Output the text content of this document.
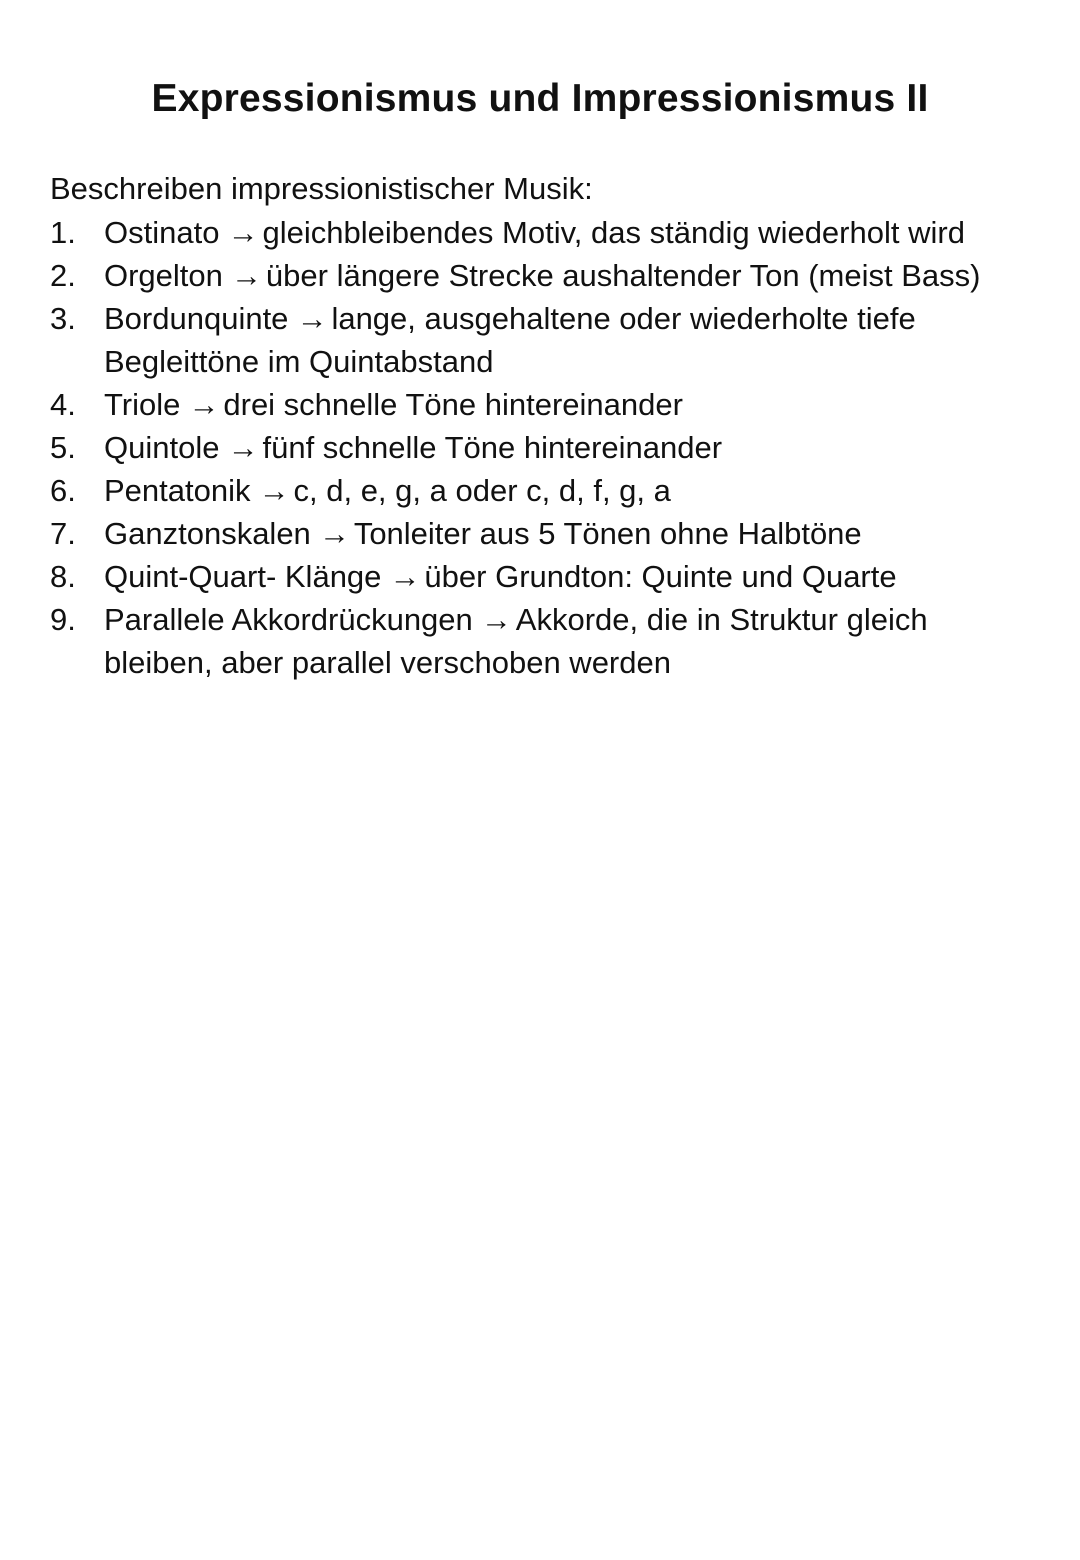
Expressionismus und Impressionismus II
Beschreiben impressionistischer Musik:
1. Ostinato → gleichbleibendes Motiv, das ständig wiederholt wird
2. Orgelton → über längere Strecke aushaltender Ton (meist Bass)
3. Bordunquinte → lange, ausgehaltene oder wiederholte tiefe Begleittöne im Quintabstand
4. Triole → drei schnelle Töne hintereinander
5. Quintole → fünf schnelle Töne hintereinander
6. Pentatonik → c, d, e, g, a oder c, d, f, g, a
7. Ganztonskalen → Tonleiter aus 5 Tönen ohne Halbtöne
8. Quint-Quart- Klänge → über Grundton: Quinte und Quarte
9. Parallele Akkordrückungen → Akkorde, die in Struktur gleich bleiben, aber parallel verschoben werden
